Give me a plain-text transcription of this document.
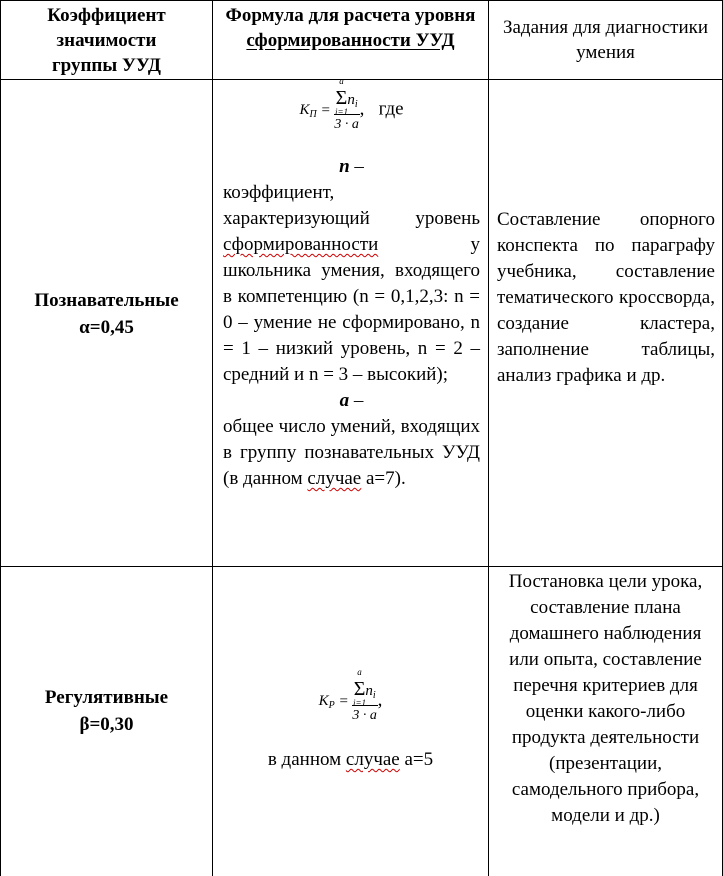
Коэффициент значимости группы УУД
Формула для расчета уровня
сформированности УУД
Задания для диагностики умения
Познавательные
α=0,45
$K_П = \Sigma$
a
i=1
$n_i$
3 · a ,   где
n –

коэффициент, характеризующий уровень сформированности	у школьника умения, входящего в компетенцию (n = 0,1,2,3: n = 0 – умение не сформировано, n = 1 – низкий уровень, n = 2 – средний и n = 3 – высокий);

a –

общее число умений, входящих в группу познавательных УУД (в данном случае а=7).

Составление опорного конспекта по параграфу учебника, составление тематического кроссворда, создание кластера, заполнение таблицы, анализ графика и др.
Регулятивные
β=0,30
$K_Р = \Sigma$
a
i=1
$n_i$
3 · a ,
в данном случае а=5
Постановка цели урока, составление плана домашнего наблюдения или опыта, составление перечня критериев для оценки какого-либо продукта деятельности (презентации, самодельного прибора, модели и др.)
